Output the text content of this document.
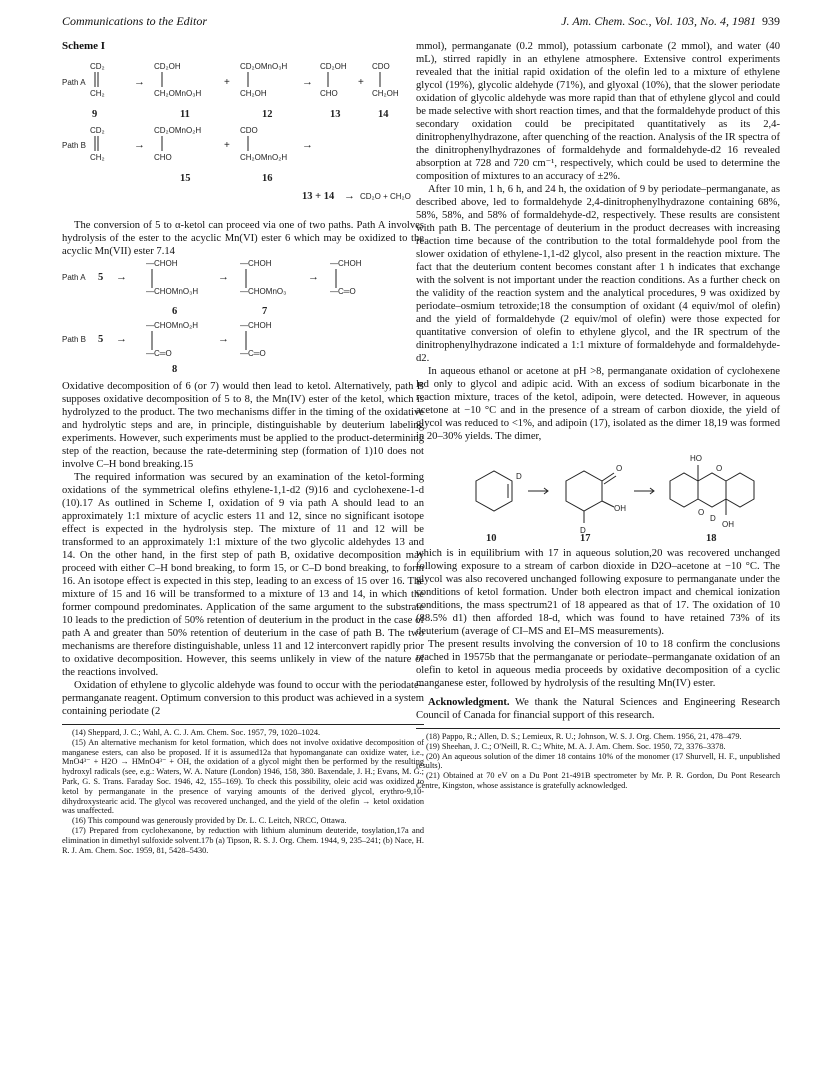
Communications to the Editor	J. Am. Chem. Soc., Vol. 103, No. 4, 1981 939
Scheme I
Path A
CD₂
CH₂
→
CD₂OH
CH₂OMnO₃H
+
CD₂OMnO₃H
CH₂OH
→
CD₂OH
CHO
+
CDO
CH₂OH
9	11	12	13	14
Path B
CD₂
CH₂
→
CD₂OMnO₂H
CHO
+
CDO
CH₂OMnO₂H
→
15	16
13 + 14 → CD₂O + CH₂O

The conversion of 5 to α-ketol can proceed via one of two paths. Path A involves hydrolysis of the ester to the acyclic Mn(VI) ester 6 which may be oxidized to the acyclic Mn(VII) ester 7.14

Path A 5 →
—CHOH
—CHOMnO₃H
→
—CHOH
—CHOMnO₃
→
—CHOH
—C═O
6	7
Path B 5 →
—CHOMnO₂H
—C═O
→
—CHOH
—C═O
8

Oxidative decomposition of 6 (or 7) would then lead to ketol. Alternatively, path B supposes oxidative decomposition of 5 to 8, the Mn(IV) ester of the ketol, which is hydrolyzed to the product. The two mechanisms differ in the timing of the oxidative and hydrolytic steps and are, in principle, distinguishable by deuterium labeling experiments. However, such experiments must be applied to the product-determining step of the reaction, because the rate-determining step (formation of 1)10 does not involve C–H bond breaking.15

The required information was secured by an examination of the ketol-forming oxidations of the symmetrical olefins ethylene-1,1-d2 (9)16 and cyclohexene-1-d (10).17 As outlined in Scheme I, oxidation of 9 via path A should lead to an approximately 1:1 mixture of acyclic esters 11 and 12, since no significant isotope effect is expected in the hydrolysis step. The mixture of 11 and 12 will be transformed to an approximately 1:1 mixture of the two glycolic aldehydes 13 and 14. On the other hand, in the first step of path B, oxidative decomposition may proceed with either C–H bond breaking, to form 15, or C–D bond breaking, to form 16. An isotope effect is expected in this step, leading to an excess of 15 over 16. The mixture of 15 and 16 will be transformed to a mixture of 13 and 14, in which the former compound predominates. Application of the same argument to the substrate 10 leads to the prediction of 50% retention of deuterium in the product in the case of path A and greater than 50% retention of deuterium in the case of path B. The two mechanisms are therefore distinguishable, unless 11 and 12 interconvert rapidly prior to oxidative decomposition. However, this seems unlikely in view of the nature of the reactions involved.

Oxidation of ethylene to glycolic aldehyde was found to occur with the periodate–permanganate reagent. Optimum conversion to this product was achieved in a system containing periodate (2

(14) Sheppard, J. C.; Wahl, A. C. J. Am. Chem. Soc. 1957, 79, 1020–1024.

(15) An alternative mechanism for ketol formation, which does not involve oxidative decomposition of manganese esters, can also be proposed. If it is assumed12a that hypomanganate can oxidize water, i.e., MnO4³⁻ + H2O → HMnO4³⁻ + OH, the oxidation of a glycol might then be performed by the resulting hydroxyl radicals (see, e.g.: Waters, W. A. Nature (London) 1946, 158, 380. Baxendale, J. H.; Evans, M. G.; Park, G. S. Trans. Faraday Soc. 1946, 42, 155–169). To check this possibility, oleic acid was oxidized to ketol by permanganate in the presence of varying amounts of the derived glycol, erythro-9,10-dihydroxystearic acid. The glycol was recovered unchanged, and the yield of the olefin → ketol oxidation was unaffected.

(16) This compound was generously provided by Dr. L. C. Leitch, NRCC, Ottawa.

(17) Prepared from cyclohexanone, by reduction with lithium aluminum deuteride, tosylation,17a and elimination in dimethyl sulfoxide solvent.17b (a) Tipson, R. S. J. Org. Chem. 1944, 9, 235–241; (b) Nace, H. R. J. Am. Chem. Soc. 1959, 81, 5428–5430.

mmol), permanganate (0.2 mmol), potassium carbonate (2 mmol), and water (40 mL), stirred rapidly in an ethylene atmosphere. Extensive control experiments revealed that the initial rapid oxidation of the olefin led to a mixture of ethylene glycol (19%), glycolic aldehyde (71%), and glyoxal (10%), that the slower periodate oxidation of glycolic aldehyde was more rapid than that of ethylene glycol and could be made selective with short reaction times, and that the formaldehyde product of this secondary oxidation could be precipitated quantitatively as its 2,4-dinitrophenylhydrazone, after quenching of the reaction. Analysis of the IR spectra of the dinitrophenylhydrazones of formaldehyde and formaldehyde-d2 16 revealed absorption at 728 and 720 cm⁻¹, respectively, which could be used to determine the composition of mixtures to an accuracy of ±2%.

After 10 min, 1 h, 6 h, and 24 h, the oxidation of 9 by periodate–permanganate, as described above, led to formaldehyde 2,4-dinitrophenylhydrazone containing 68%, 58%, 58%, and 58% of formaldehyde-d2, respectively. These results are consistent with path B. The percentage of deuterium in the product decreases with increasing reaction time because of the contribution to the total formaldehyde pool from the slower oxidation of ethylene-1,1-d2 glycol, also present in the reaction mixture. The fact that the deuterium content becomes constant after 1 h indicates that exchange with the solvent is not important under the reaction conditions. As a further check on the validity of the reaction system and the analytical procedures, 9 was oxidized by periodate–osmium tetroxide;18 the consumption of oxidant (4 equiv/mol of olefin) and the yield of formaldehyde (2 equiv/mol of olefin) were those expected for quantitative conversion of olefin to ethylene glycol, and the IR spectrum of the dinitrophenylhydrazone indicated a 1:1 mixture of formaldehyde and formaldehyde-d2.

In aqueous ethanol or acetone at pH >8, permanganate oxidation of cyclohexene led only to glycol and adipic acid. With an excess of sodium bicarbonate in the reaction mixture, traces of the ketol, adipoin, were detected. However, in aqueous acetone at −10 °C and in the presence of a stream of carbon dioxide, the yield of glycol was reduced to <1%, and adipoin (17), isolated as the dimer 18,19 was formed in 20–30% yields. The dimer,

D
O
OH
D
HO
O
O
D
OH
10	17	18

which is in equilibrium with 17 in aqueous solution,20 was recovered unchanged following exposure to a stream of carbon dioxide in D2O–acetone at −10 °C. The glycol was also recovered unchanged following exposure to permanganate under the conditions of ketol formation. Under both electron impact and chemical ionization conditions, the mass spectrum21 of 18 appeared as that of 17. The oxidation of 10 (88.5% d1) then afforded 18-d, which was found to have retained 73% of its deuterium (average of CI–MS and EI–MS measurements).

The present results involving the conversion of 10 to 18 confirm the conclusions reached in 19575b that the permanganate or periodate–permanganate oxidation of an olefin to ketol in aqueous media proceeds by oxidative decomposition of a cyclic manganese ester, followed by hydrolysis of the resulting Mn(IV) ester.

Acknowledgment. We thank the Natural Sciences and Engineering Research Council of Canada for financial support of this research.

(18) Pappo, R.; Allen, D. S.; Lemieux, R. U.; Johnson, W. S. J. Org. Chem. 1956, 21, 478–479.

(19) Sheehan, J. C.; O'Neill, R. C.; White, M. A. J. Am. Chem. Soc. 1950, 72, 3376–3378.

(20) An aqueous solution of the dimer 18 contains 10% of the monomer (17 Shurvell, H. F., unpublished results).

(21) Obtained at 70 eV on a Du Pont 21-491B spectrometer by Mr. P. R. Gordon, Du Pont Research Centre, Kingston, whose assistance is gratefully acknowledged.
